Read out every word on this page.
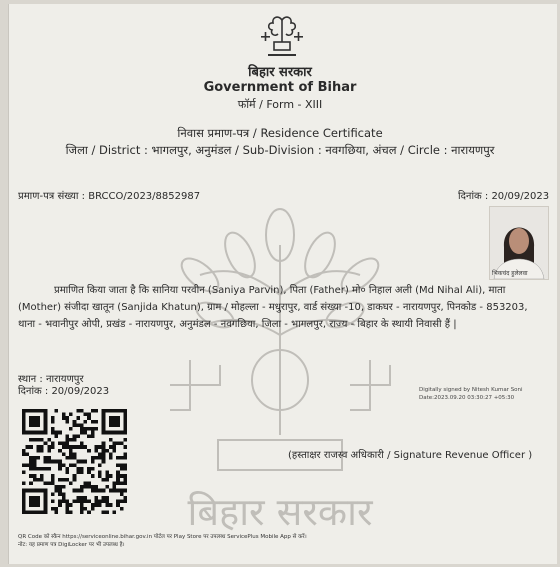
बिहार सरकार
Government of Bihar
फॉर्म / Form - XIII
निवास प्रमाण-पत्र / Residence Certificate
जिला / District : भागलपुर, अनुमंडल / Sub-Division : नवगछिया, अंचल / Circle : नारायणपुर
प्रमाण-पत्र संख्या : BRCCO/2023/8852987	दिनांक : 20/09/2023
भिकचंद हुलेलवा
बिहार सरकार
प्रमाणित किया जाता है कि सानिया परवीन (Saniya Parvin), पिता (Father) मो० निहाल अली (Md Nihal Ali), माता (Mother) संजीदा खातून (Sanjida Khatun), ग्राम / मोहल्ला - मधुरापुर, वार्ड संख्या -10, डाकघर - नारायणपुर, पिनकोड - 853203, थाना - भवानीपुर ओपी, प्रखंड - नारायणपुर, अनुमंडल - नवगछिया, जिला - भागलपुर, राज्य - बिहार के स्थायी निवासी हैं |
स्थान : नारायणपुर
दिनांक : 20/09/2023	Digitally signed by Nitesh Kumar Soni
Date:2023.09.20 03:30:27 +05:30
(हस्ताक्षर राजस्व अधिकारी / Signature Revenue Officer )
QR Code को स्कैन https://serviceonline.bihar.gov.in पोर्टल पर Play Store पर उपलब्ध ServicePlus Mobile App से करें।
नोट: यह प्रमाण पत्र DigiLocker पर भी उपलब्ध है।
